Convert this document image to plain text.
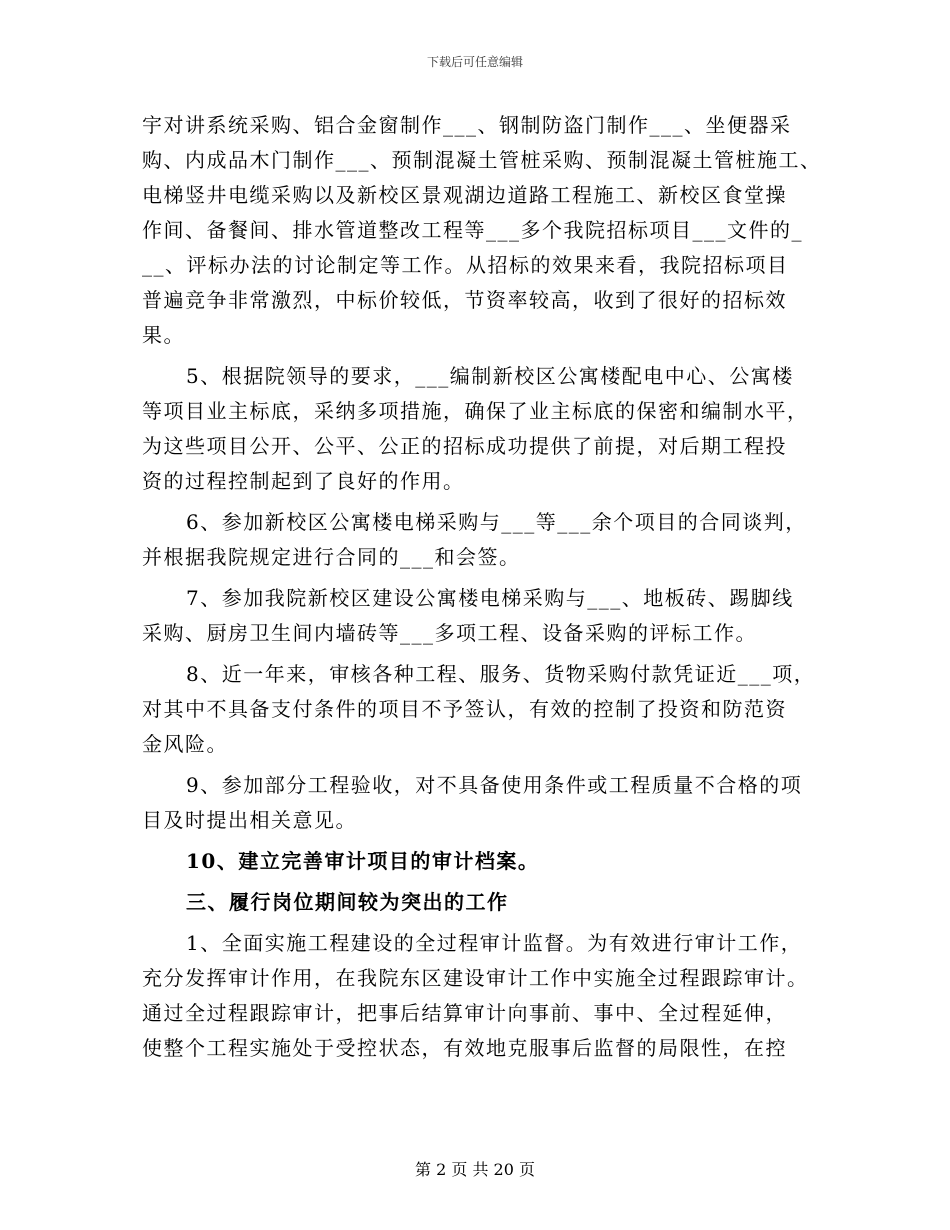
下载后可任意编辑
宇对讲系统采购、铝合金窗制作___、钢制防盗门制作___、坐便器采
购、内成品木门制作___、预制混凝土管桩采购、预制混凝土管桩施工、
电梯竖井电缆采购以及新校区景观湖边道路工程施工、新校区食堂操
作间、备餐间、排水管道整改工程等___多个我院招标项目___文件的_
__、评标办法的讨论制定等工作。从招标的效果来看，我院招标项目
普遍竞争非常激烈，中标价较低，节资率较高，收到了很好的招标效
果。
5、根据院领导的要求，___编制新校区公寓楼配电中心、公寓楼
等项目业主标底，采纳多项措施，确保了业主标底的保密和编制水平，
为这些项目公开、公平、公正的招标成功提供了前提，对后期工程投
资的过程控制起到了良好的作用。
6、参加新校区公寓楼电梯采购与___等___余个项目的合同谈判，
并根据我院规定进行合同的___和会签。
7、参加我院新校区建设公寓楼电梯采购与___、地板砖、踢脚线
采购、厨房卫生间内墙砖等___多项工程、设备采购的评标工作。
8、近一年来，审核各种工程、服务、货物采购付款凭证近___项，
对其中不具备支付条件的项目不予签认，有效的控制了投资和防范资
金风险。
9、参加部分工程验收，对不具备使用条件或工程质量不合格的项
目及时提出相关意见。
10、建立完善审计项目的审计档案。
三、履行岗位期间较为突出的工作
1、全面实施工程建设的全过程审计监督。为有效进行审计工作，
充分发挥审计作用，在我院东区建设审计工作中实施全过程跟踪审计。
通过全过程跟踪审计，把事后结算审计向事前、事中、全过程延伸，
使整个工程实施处于受控状态，有效地克服事后监督的局限性，在控
第 2 页 共 20 页
